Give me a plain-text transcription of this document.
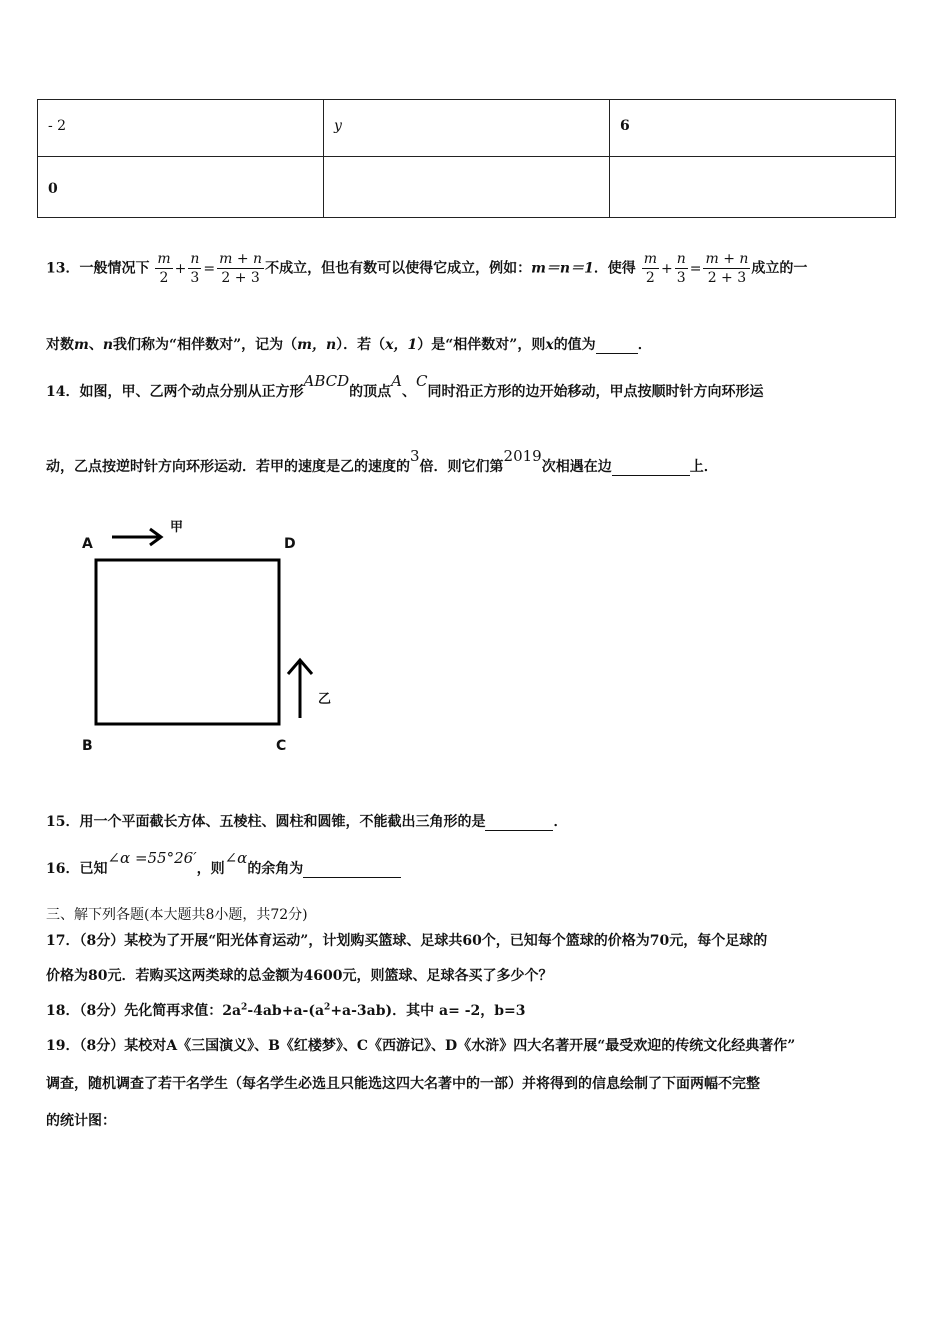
- 2	y	6
0		
13．一般情况下 $\frac{m}{2} + \frac{n}{3} = \frac{m + n}{2 + 3}$ 不成立，但也有数可以使得它成立，例如：m＝n＝1．使得 $\frac{m}{2} + \frac{n}{3} = \frac{m + n}{2 + 3}$ 成立的一
对数m、n我们称为“相伴数对”，记为（m，n）．若（x，1）是“相伴数对”，则x的值为	．
14．如图，甲、乙两个动点分别从正方形ABCD的顶点A、C同时沿正方形的边开始移动，甲点按顺时针方向环形运
动，乙点按逆时针方向环形运动．若甲的速度是乙的速度的3倍．则它们第2019次相遇在边	上．
A	D
B	C
甲
乙
15．用一个平面截长方体、五棱柱、圆柱和圆锥，不能截出三角形的是	．
16．已知∠α =55°26′，则∠α的余角为
三、解下列各题(本大题共8小题，共72分)
17．（8分）某校为了开展“阳光体育运动”，计划购买篮球、足球共60个，已知每个篮球的价格为70元，每个足球的
价格为80元．若购买这两类球的总金额为4600元，则篮球、足球各买了多少个？
18．（8分）先化简再求值：$2a^2-4ab+a-(a^2+a-3ab)$．其中 a= -2，b=3
19．（8分）某校对A《三国演义》、B《红楼梦》、C《西游记》、D《水浒》四大名著开展“最受欢迎的传统文化经典著作”
调查，随机调查了若干名学生（每名学生必选且只能选这四大名著中的一部）并将得到的信息绘制了下面两幅不完整
的统计图：
